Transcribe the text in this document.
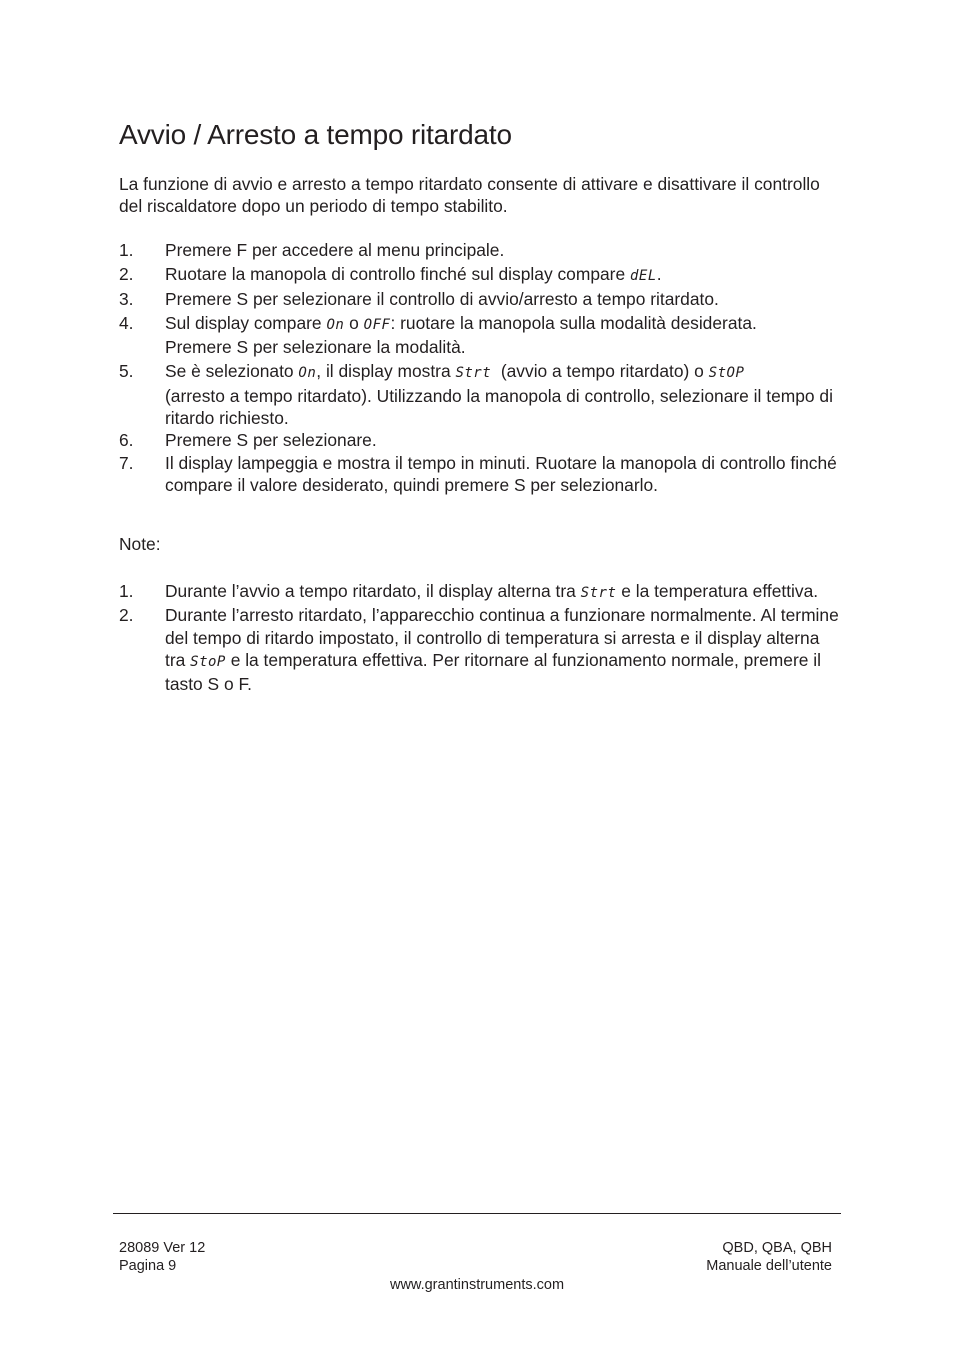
Avvio / Arresto a tempo ritardato

La funzione di avvio e arresto a tempo ritardato consente di attivare e disattivare il controllo del riscaldatore dopo un periodo di tempo stabilito.

1. Premere F per accedere al menu principale.
2. Ruotare la manopola di controllo finché sul display compare dEL.
3. Premere S per selezionare il controllo di avvio/arresto a tempo ritardato.
4. Sul display compare On o OFF: ruotare la manopola sulla modalità desiderata.
Premere S per selezionare la modalità.
5. Se è selezionato On, il display mostra Strt  (avvio a tempo ritardato) o StOP
(arresto a tempo ritardato). Utilizzando la manopola di controllo, selezionare il tempo di ritardo richiesto.
6. Premere S per selezionare.
7. Il display lampeggia e mostra il tempo in minuti. Ruotare la manopola di controllo finché compare il valore desiderato, quindi premere S per selezionarlo.

Note:

1. Durante l’avvio a tempo ritardato, il display alterna tra Strt e la temperatura effettiva.
2. Durante l’arresto ritardato, l’apparecchio continua a funzionare normalmente. Al termine del tempo di ritardo impostato, il controllo di temperatura si arresta e il display alterna tra StoP e la temperatura effettiva. Per ritornare al funzionamento normale, premere il tasto S o F.
28089 Ver 12
Pagina 9
QBD, QBA, QBH
Manuale dell’utente
www.grantinstruments.com
